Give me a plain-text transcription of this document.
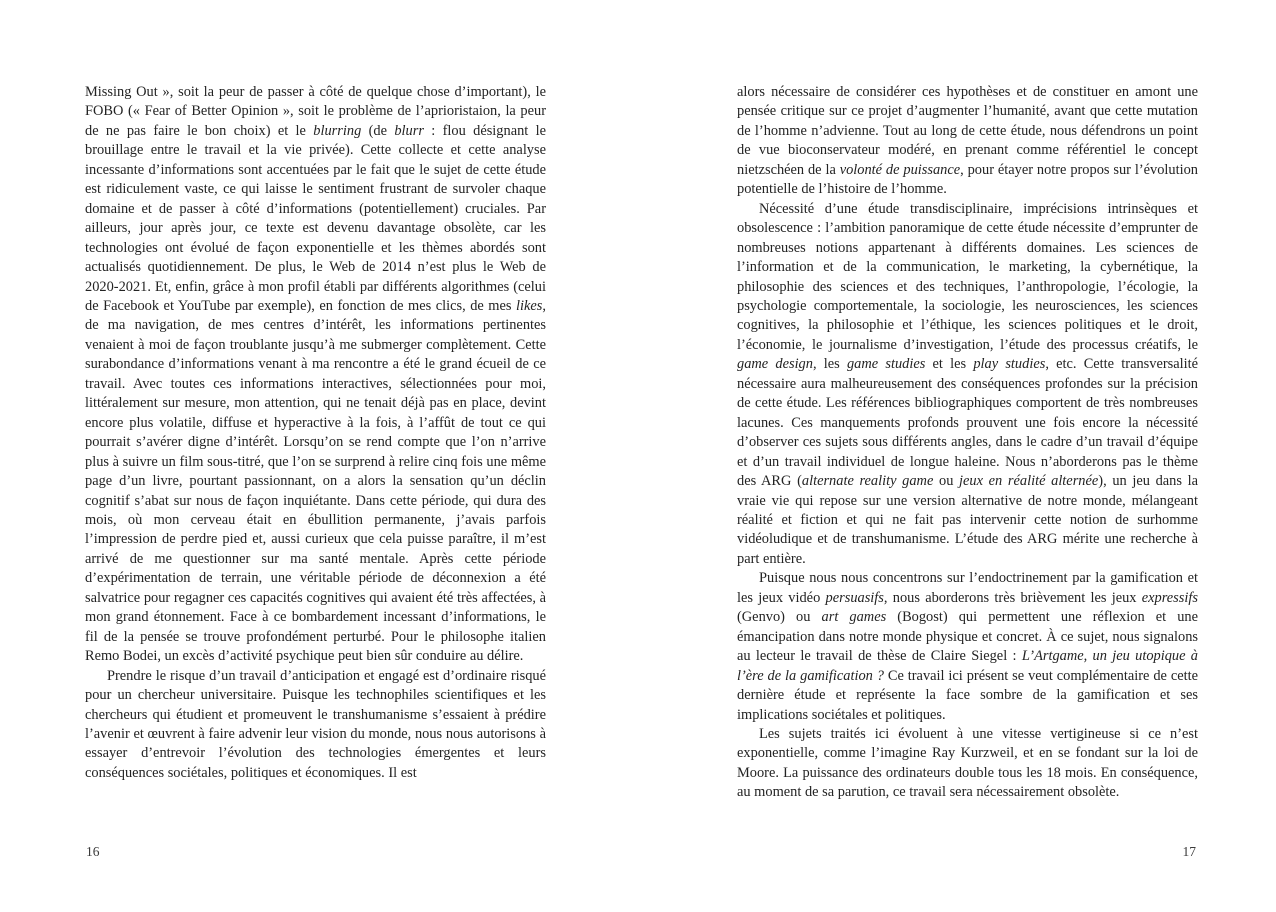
Missing Out », soit la peur de passer à côté de quelque chose d’important), le FOBO (« Fear of Better Opinion », soit le problème de l’aprioristaion, la peur de ne pas faire le bon choix) et le blurring (de blurr : flou désignant le brouillage entre le travail et la vie privée). Cette collecte et cette analyse incessante d’informations sont accentuées par le fait que le sujet de cette étude est ridiculement vaste, ce qui laisse le sentiment frustrant de survoler chaque domaine et de passer à côté d’informations (potentiellement) cruciales. Par ailleurs, jour après jour, ce texte est devenu davantage obsolète, car les technologies ont évolué de façon exponentielle et les thèmes abordés sont actualisés quotidiennement. De plus, le Web de 2014 n’est plus le Web de 2020-2021. Et, enfin, grâce à mon profil établi par différents algorithmes (celui de Facebook et YouTube par exemple), en fonction de mes clics, de mes likes, de ma navigation, de mes centres d’intérêt, les informations pertinentes venaient à moi de façon troublante jusqu’à me submerger complètement. Cette surabondance d’informations venant à ma rencontre a été le grand écueil de ce travail. Avec toutes ces informations interactives, sélectionnées pour moi, littéralement sur mesure, mon attention, qui ne tenait déjà pas en place, devint encore plus volatile, diffuse et hyperactive à la fois, à l’affût de tout ce qui pourrait s’avérer digne d’intérêt. Lorsqu’on se rend compte que l’on n’arrive plus à suivre un film sous-titré, que l’on se surprend à relire cinq fois une même page d’un livre, pourtant passionnant, on a alors la sensation qu’un déclin cognitif s’abat sur nous de façon inquiétante. Dans cette période, qui dura des mois, où mon cerveau était en ébullition permanente, j’avais parfois l’impression de perdre pied et, aussi curieux que cela puisse paraître, il m’est arrivé de me questionner sur ma santé mentale. Après cette période d’expérimentation de terrain, une véritable période de déconnexion a été salvatrice pour regagner ces capacités cognitives qui avaient été très affectées, à mon grand étonnement. Face à ce bombardement incessant d’informations, le fil de la pensée se trouve profondément perturbé. Pour le philosophe italien Remo Bodei, un excès d’activité psychique peut bien sûr conduire au délire.

Prendre le risque d’un travail d’anticipation et engagé est d’ordinaire risqué pour un chercheur universitaire. Puisque les technophiles scientifiques et les chercheurs qui étudient et promeuvent le transhumanisme s’essaient à prédire l’avenir et œuvrent à faire advenir leur vision du monde, nous nous autorisons à essayer d’entrevoir l’évolution des technologies émergentes et leurs conséquences sociétales, politiques et économiques. Il est

alors nécessaire de considérer ces hypothèses et de constituer en amont une pensée critique sur ce projet d’augmenter l’humanité, avant que cette mutation de l’homme n’advienne. Tout au long de cette étude, nous défendrons un point de vue bioconservateur modéré, en prenant comme référentiel le concept nietzschéen de la volonté de puissance, pour étayer notre propos sur l’évolution potentielle de l’histoire de l’homme.

Nécessité d’une étude transdisciplinaire, imprécisions intrinsèques et obsolescence : l’ambition panoramique de cette étude nécessite d’emprunter de nombreuses notions appartenant à différents domaines. Les sciences de l’information et de la communication, le marketing, la cybernétique, la philosophie des sciences et des techniques, l’anthropologie, l’écologie, la psychologie comportementale, la sociologie, les neurosciences, les sciences cognitives, la philosophie et l’éthique, les sciences politiques et le droit, l’économie, le journalisme d’investigation, l’étude des processus créatifs, le game design, les game studies et les play studies, etc. Cette transversalité nécessaire aura malheureusement des conséquences profondes sur la précision de cette étude. Les références bibliographiques comportent de très nombreuses lacunes. Ces manquements profonds prouvent une fois encore la nécessité d’observer ces sujets sous différents angles, dans le cadre d’un travail d’équipe et d’un travail individuel de longue haleine. Nous n’aborderons pas le thème des ARG (alternate reality game ou jeux en réalité alternée), un jeu dans la vraie vie qui repose sur une version alternative de notre monde, mélangeant réalité et fiction et qui ne fait pas intervenir cette notion de surhomme vidéoludique et de transhumanisme. L’étude des ARG mérite une recherche à part entière.

Puisque nous nous concentrons sur l’endoctrinement par la gamification et les jeux vidéo persuasifs, nous aborderons très brièvement les jeux expressifs (Genvo) ou art games (Bogost) qui permettent une réflexion et une émancipation dans notre monde physique et concret. À ce sujet, nous signalons au lecteur le travail de thèse de Claire Siegel : L’Artgame, un jeu utopique à l’ère de la gamification ? Ce travail ici présent se veut complémentaire de cette dernière étude et représente la face sombre de la gamification et ses implications sociétales et politiques.

Les sujets traités ici évoluent à une vitesse vertigineuse si ce n’est exponentielle, comme l’imagine Ray Kurzweil, et en se fondant sur la loi de Moore. La puissance des ordinateurs double tous les 18 mois. En conséquence, au moment de sa parution, ce travail sera nécessairement obsolète.

16	17
